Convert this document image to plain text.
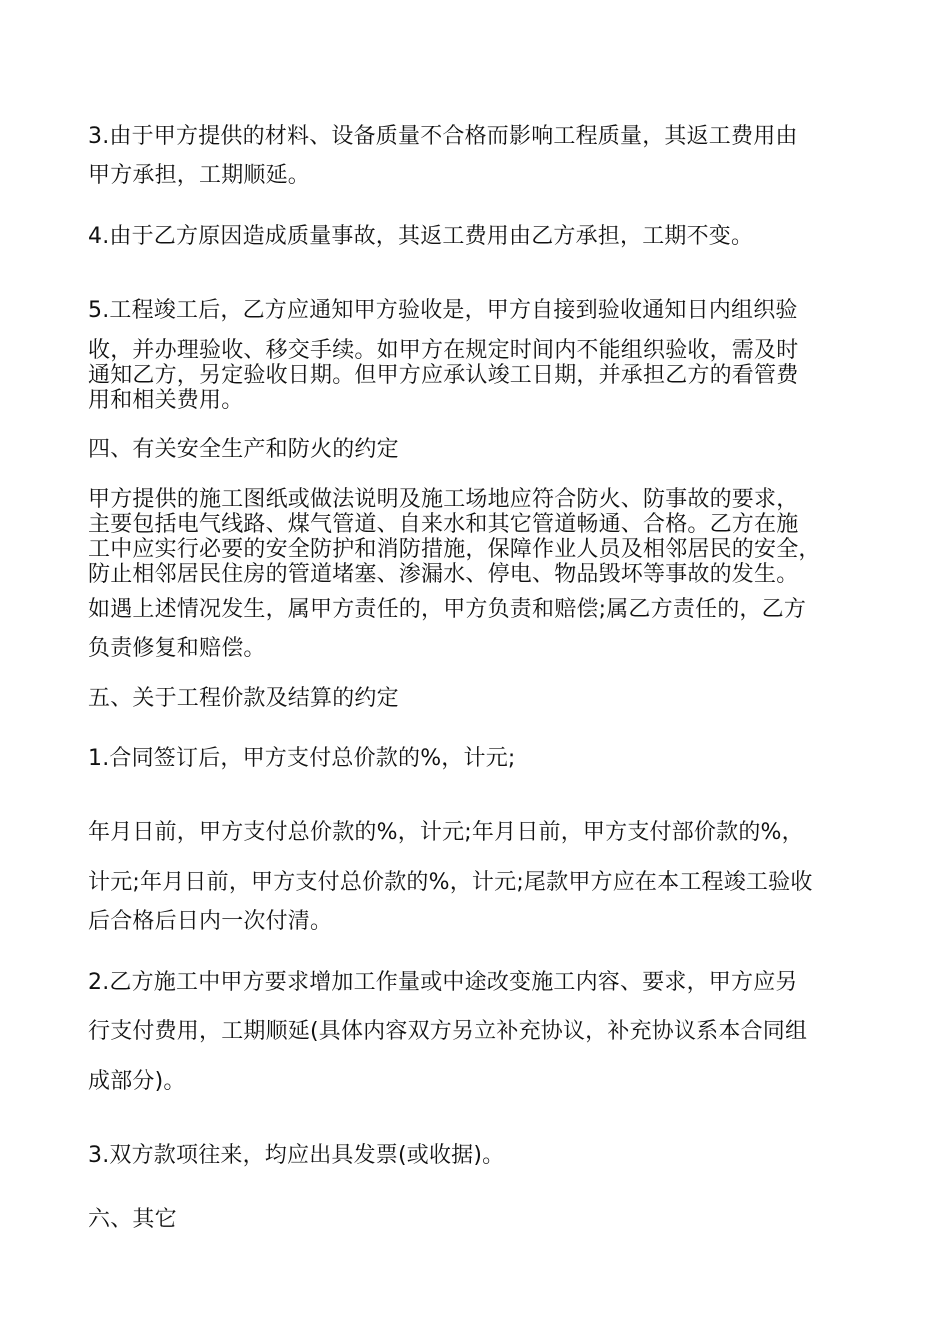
3.由于甲方提供的材料、设备质量不合格而影响工程质量，其返工费用由
甲方承担，工期顺延。
4.由于乙方原因造成质量事故，其返工费用由乙方承担，工期不变。
5.工程竣工后，乙方应通知甲方验收是，甲方自接到验收通知日内组织验
收，并办理验收、移交手续。如甲方在规定时间内不能组织验收，需及时
通知乙方，另定验收日期。但甲方应承认竣工日期，并承担乙方的看管费
用和相关费用。
四、有关安全生产和防火的约定
甲方提供的施工图纸或做法说明及施工场地应符合防火、防事故的要求，
主要包括电气线路、煤气管道、自来水和其它管道畅通、合格。乙方在施
工中应实行必要的安全防护和消防措施，保障作业人员及相邻居民的安全，
防止相邻居民住房的管道堵塞、渗漏水、停电、物品毁坏等事故的发生。
如遇上述情况发生，属甲方责任的，甲方负责和赔偿;属乙方责任的，乙方
负责修复和赔偿。
五、关于工程价款及结算的约定
1.合同签订后，甲方支付总价款的%，计元;
年月日前，甲方支付总价款的%，计元;年月日前，甲方支付部价款的%，
计元;年月日前，甲方支付总价款的%，计元;尾款甲方应在本工程竣工验收
后合格后日内一次付清。
2.乙方施工中甲方要求增加工作量或中途改变施工内容、要求，甲方应另
行支付费用，工期顺延(具体内容双方另立补充协议，补充协议系本合同组
成部分)。
3.双方款项往来，均应出具发票(或收据)。
六、其它
